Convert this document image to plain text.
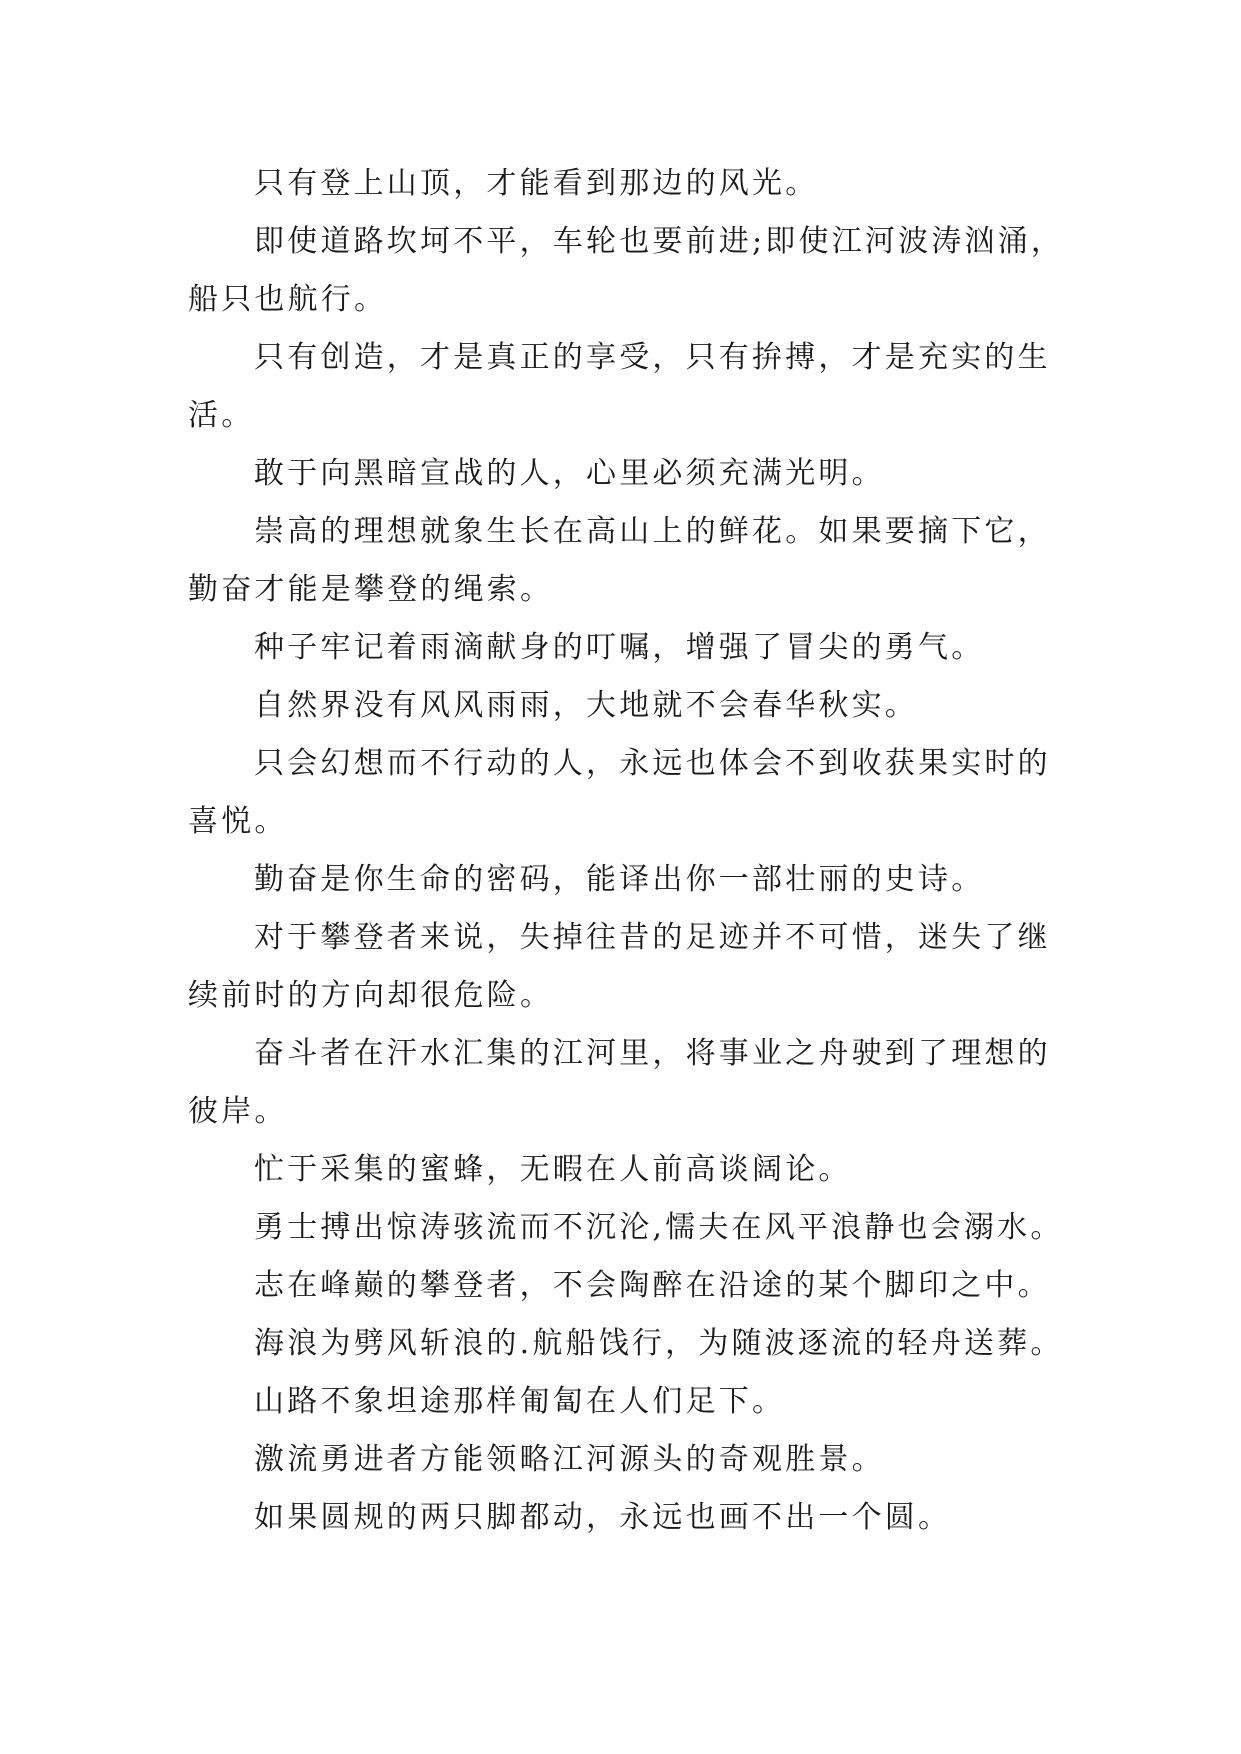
只有登上山顶，才能看到那边的风光。

即使道路坎坷不平，车轮也要前进;即使江河波涛汹涌，船只也航行。

只有创造，才是真正的享受，只有拚搏，才是充实的生活。

敢于向黑暗宣战的人，心里必须充满光明。

崇高的理想就象生长在高山上的鲜花。如果要摘下它，勤奋才能是攀登的绳索。

种子牢记着雨滴献身的叮嘱，增强了冒尖的勇气。

自然界没有风风雨雨，大地就不会春华秋实。

只会幻想而不行动的人，永远也体会不到收获果实时的喜悦。

勤奋是你生命的密码，能译出你一部壮丽的史诗。

对于攀登者来说，失掉往昔的足迹并不可惜，迷失了继续前时的方向却很危险。

奋斗者在汗水汇集的江河里，将事业之舟驶到了理想的彼岸。

忙于采集的蜜蜂，无暇在人前高谈阔论。

勇士搏出惊涛骇流而不沉沦,懦夫在风平浪静也会溺水。

志在峰巅的攀登者，不会陶醉在沿途的某个脚印之中。

海浪为劈风斩浪的.航船饯行，为随波逐流的轻舟送葬。

山路不象坦途那样匍匐在人们足下。

激流勇进者方能领略江河源头的奇观胜景。

如果圆规的两只脚都动，永远也画不出一个圆。
